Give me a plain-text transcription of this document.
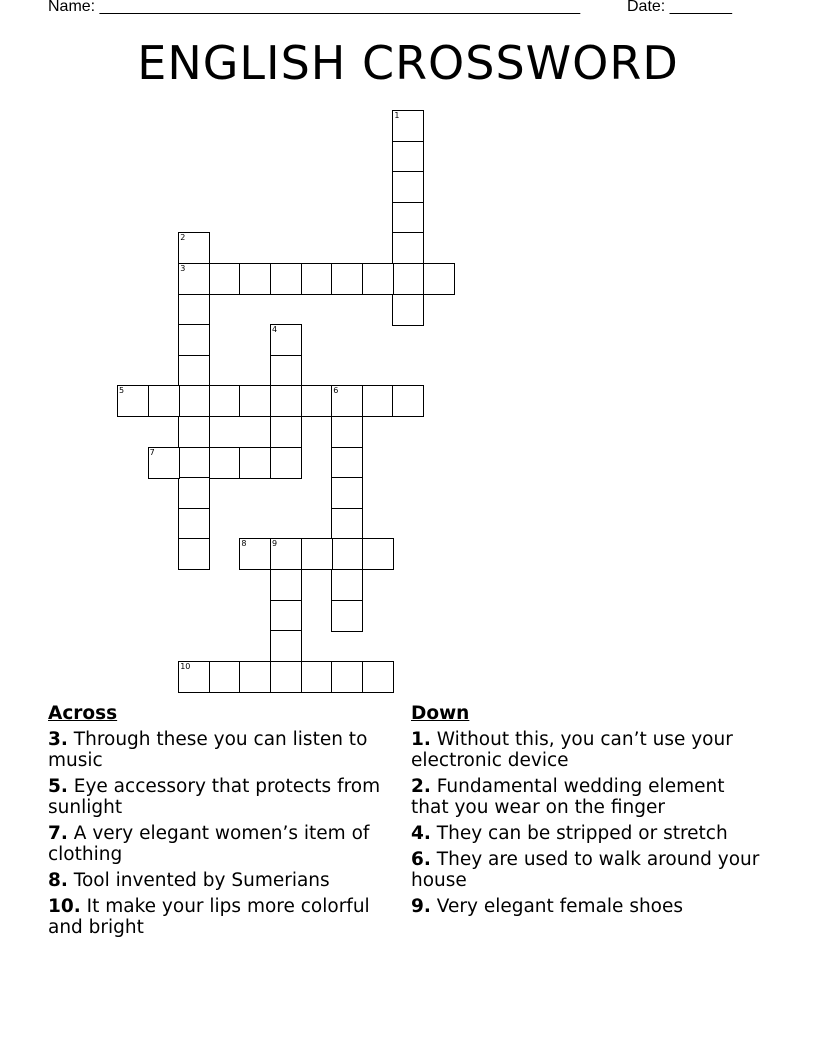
Name: ______________________________________________________	Date: _______
ENGLISH CROSSWORD
1
2
3
4
5	6
7
8	9
10
Across
3. Through these you can listen to music
5. Eye accessory that protects from sunlight
7. A very elegant women’s item of clothing
8. Tool invented by Sumerians
10. It make your lips more colorful and bright
Down
1. Without this, you can’t use your electronic device
2. Fundamental wedding element that you wear on the finger
4. They can be stripped or stretch
6. They are used to walk around your house
9. Very elegant female shoes
